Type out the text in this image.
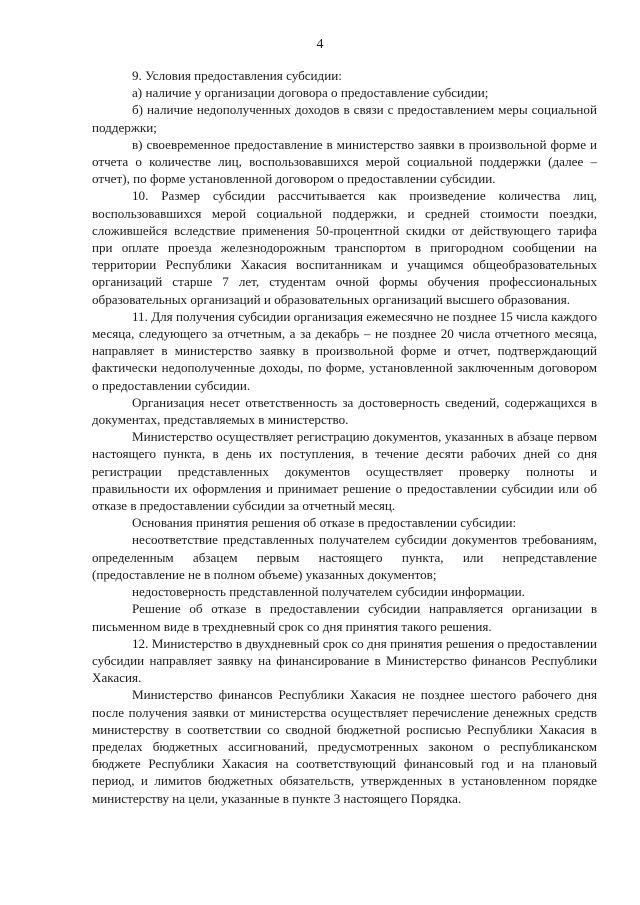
4

9. Условия предоставления субсидии:

а) наличие у организации договора о предоставление субсидии;

б) наличие недополученных доходов в связи с предоставлением меры социальной поддержки;

в) своевременное предоставление в министерство заявки в произвольной форме и отчета о количестве лиц, воспользовавшихся мерой социальной поддержки (далее – отчет), по форме установленной договором о предоставлении субсидии.

10. Размер субсидии рассчитывается как произведение количества лиц, воспользовавшихся мерой социальной поддержки, и средней стоимости поездки, сложившейся вследствие применения 50-процентной скидки от действующего тарифа при оплате проезда железнодорожным транспортом в пригородном сообщении на территории Республики Хакасия воспитанникам и учащимся общеобразовательных организаций старше 7 лет, студентам очной формы обучения профессиональных образовательных организаций и образовательных организаций высшего образования.

11. Для получения субсидии организация ежемесячно не позднее 15 числа каждого месяца, следующего за отчетным, а за декабрь – не позднее 20 числа отчетного месяца, направляет в министерство заявку в произвольной форме и отчет, подтверждающий фактически недополученные доходы, по форме, установленной заключенным договором о предоставлении субсидии.

Организация несет ответственность за достоверность сведений, содержащихся в документах, представляемых в министерство.

Министерство осуществляет регистрацию документов, указанных в абзаце первом настоящего пункта, в день их поступления, в течение десяти рабочих дней со дня регистрации представленных документов осуществляет проверку полноты и правильности их оформления и принимает решение о предоставлении субсидии или об отказе в предоставлении субсидии за отчетный месяц.

Основания принятия решения об отказе в предоставлении субсидии:

несоответствие представленных получателем субсидии документов требованиям, определенным абзацем первым настоящего пункта, или непредставление (предоставление не в полном объеме) указанных документов;

недостоверность представленной получателем субсидии информации.

Решение об отказе в предоставлении субсидии направляется организации в письменном виде в трехдневный срок со дня принятия такого решения.

12. Министерство в двухдневный срок со дня принятия решения о предоставлении субсидии направляет заявку на финансирование в Министерство финансов Республики Хакасия.

Министерство финансов Республики Хакасия не позднее шестого рабочего дня после получения заявки от министерства осуществляет перечисление денежных средств министерству в соответствии со сводной бюджетной росписью Республики Хакасия в пределах бюджетных ассигнований, предусмотренных законом о республиканском бюджете Республики Хакасия на соответствующий финансовый год и на плановый период, и лимитов бюджетных обязательств, утвержденных в установленном порядке министерству на цели, указанные в пункте 3 настоящего Порядка.
